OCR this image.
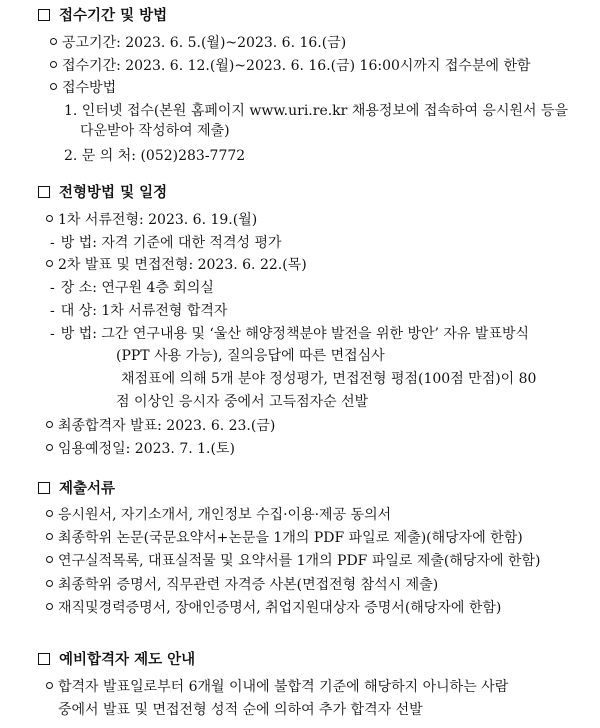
접수기간 및 방법
공고기간: 2023. 6. 5.(월)~2023. 6. 16.(금)
접수기간: 2023. 6. 12.(월)~2023. 6. 16.(금) 16:00시까지 접수분에 한함
접수방법
1. 인터넷 접수(본원 홈페이지 www.uri.re.kr 채용정보에 접속하여 응시원서 등을
다운받아 작성하여 제출)
2. 문 의 처: (052)283-7772
전형방법 및 일정
1차 서류전형: 2023. 6. 19.(월)
- 방 법: 자격 기준에 대한 적격성 평가
2차 발표 및 면접전형: 2023. 6. 22.(목)
- 장 소: 연구원 4층 회의실
- 대 상: 1차 서류전형 합격자
- 방 법: 그간 연구내용 및 ‘울산 해양정책분야 발전을 위한 방안’ 자유 발표방식
(PPT 사용 가능), 질의응답에 따른 면접심사
채점표에 의해 5개 분야 정성평가, 면접전형 평점(100점 만점)이 80
점 이상인 응시자 중에서 고득점자순 선발
최종합격자 발표: 2023. 6. 23.(금)
임용예정일: 2023. 7. 1.(토)
제출서류
응시원서, 자기소개서, 개인정보 수집·이용·제공 동의서
최종학위 논문(국문요약서+논문을 1개의 PDF 파일로 제출)(해당자에 한함)
연구실적목록, 대표실적물 및 요약서를 1개의 PDF 파일로 제출(해당자에 한함)
최종학위 증명서, 직무관련 자격증 사본(면접전형 참석시 제출)
재직및경력증명서, 장애인증명서, 취업지원대상자 증명서(해당자에 한함)
예비합격자 제도 안내
합격자 발표일로부터 6개월 이내에 불합격 기준에 해당하지 아니하는 사람
중에서 발표 및 면접전형 성적 순에 의하여 추가 합격자 선발
